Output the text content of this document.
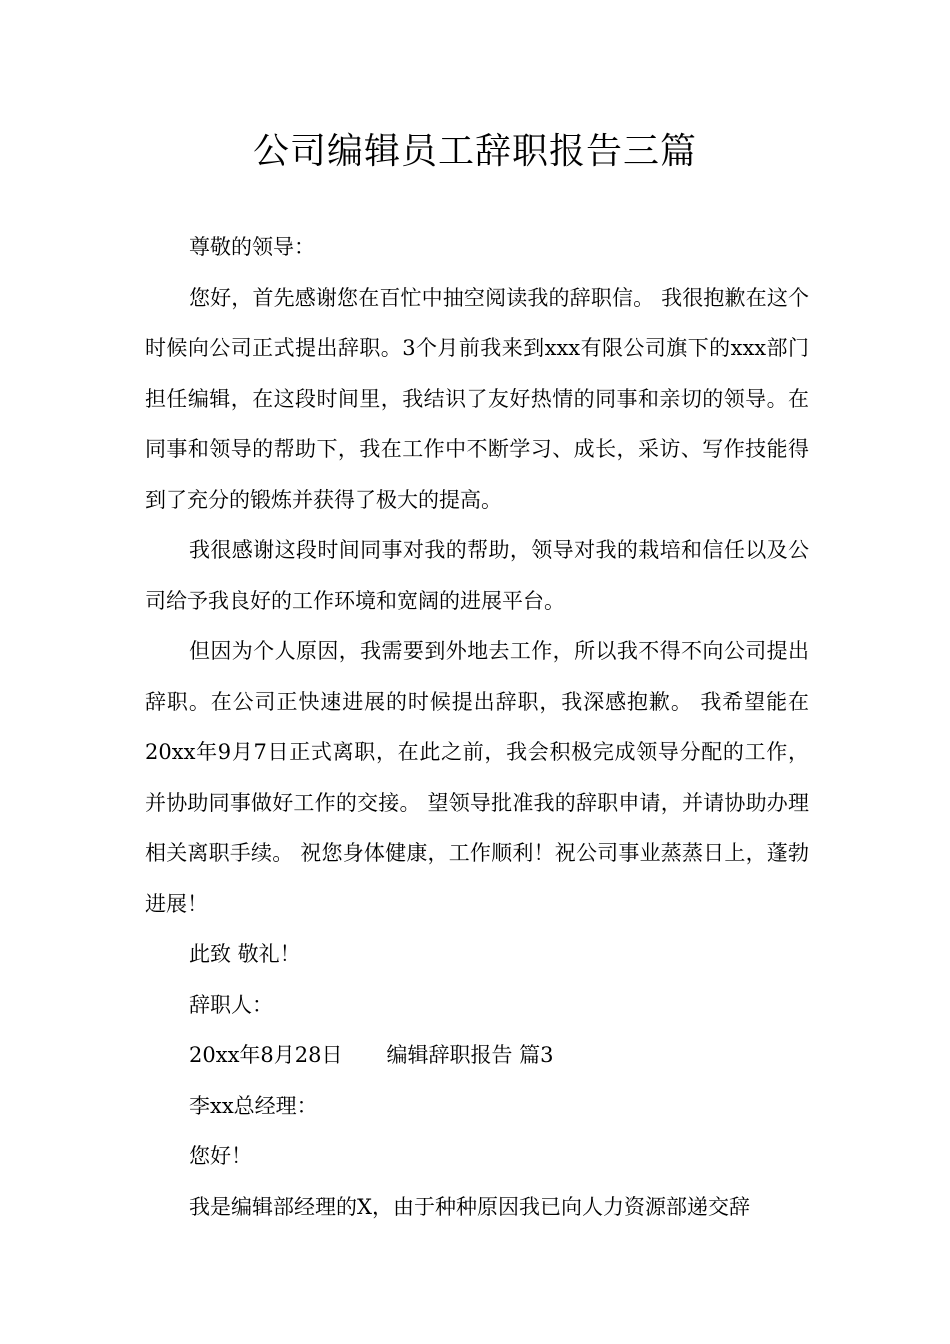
公司编辑员工辞职报告三篇

尊敬的领导：

您好，首先感谢您在百忙中抽空阅读我的辞职信。 我很抱歉在这个时候向公司正式提出辞职。3个月前我来到xxx有限公司旗下的xxx部门担任编辑，在这段时间里，我结识了友好热情的同事和亲切的领导。在同事和领导的帮助下，我在工作中不断学习、成长，采访、写作技能得到了充分的锻炼并获得了极大的提高。

我很感谢这段时间同事对我的帮助，领导对我的栽培和信任以及公司给予我良好的工作环境和宽阔的进展平台。

但因为个人原因，我需要到外地去工作，所以我不得不向公司提出辞职。在公司正快速进展的时候提出辞职，我深感抱歉。 我希望能在20xx年9月7日正式离职，在此之前，我会积极完成领导分配的工作，并协助同事做好工作的交接。 望领导批准我的辞职申请，并请协助办理相关离职手续。 祝您身体健康，工作顺利！祝公司事业蒸蒸日上，蓬勃进展！

此致 敬礼！

辞职人：

20xx年8月28日 编辑辞职报告 篇3

李xx总经理：

您好！

我是编辑部经理的X，由于种种原因我已向人力资源部递交辞
